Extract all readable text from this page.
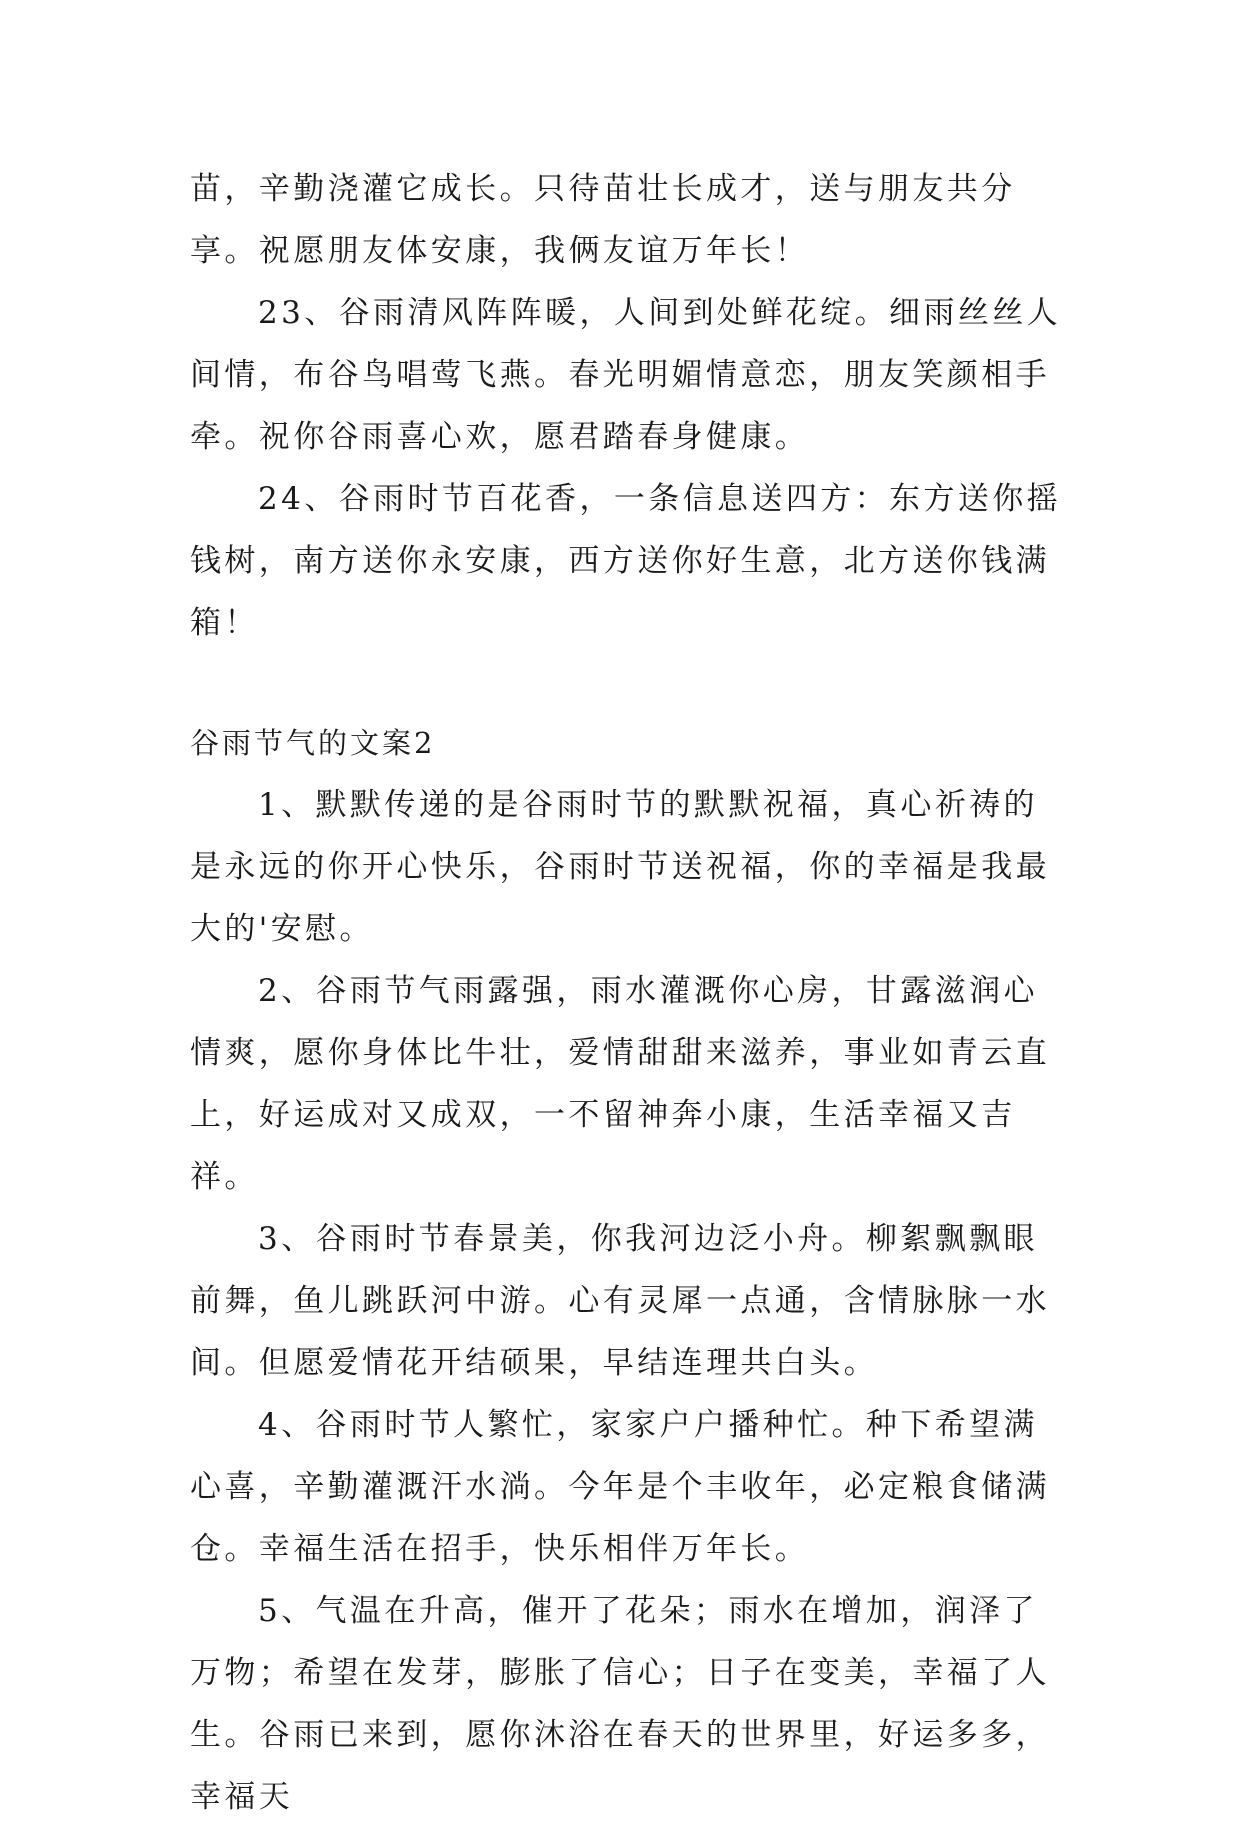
苗，辛勤浇灌它成长。只待苗壮长成才，送与朋友共分享。祝愿朋友体安康，我俩友谊万年长！

23、谷雨清风阵阵暖，人间到处鲜花绽。细雨丝丝人间情，布谷鸟唱莺飞燕。春光明媚情意恋，朋友笑颜相手牵。祝你谷雨喜心欢，愿君踏春身健康。

24、谷雨时节百花香，一条信息送四方：东方送你摇钱树，南方送你永安康，西方送你好生意，北方送你钱满箱！

谷雨节气的文案2

1、默默传递的是谷雨时节的默默祝福，真心祈祷的是永远的你开心快乐，谷雨时节送祝福，你的幸福是我最大的'安慰。

2、谷雨节气雨露强，雨水灌溉你心房，甘露滋润心情爽，愿你身体比牛壮，爱情甜甜来滋养，事业如青云直上，好运成对又成双，一不留神奔小康，生活幸福又吉祥。

3、谷雨时节春景美，你我河边泛小舟。柳絮飘飘眼前舞，鱼儿跳跃河中游。心有灵犀一点通，含情脉脉一水间。但愿爱情花开结硕果，早结连理共白头。

4、谷雨时节人繁忙，家家户户播种忙。种下希望满心喜，辛勤灌溉汗水淌。今年是个丰收年，必定粮食储满仓。幸福生活在招手，快乐相伴万年长。

5、气温在升高，催开了花朵；雨水在增加，润泽了万物；希望在发芽，膨胀了信心；日子在变美，幸福了人生。谷雨已来到，愿你沐浴在春天的世界里，好运多多，幸福天
